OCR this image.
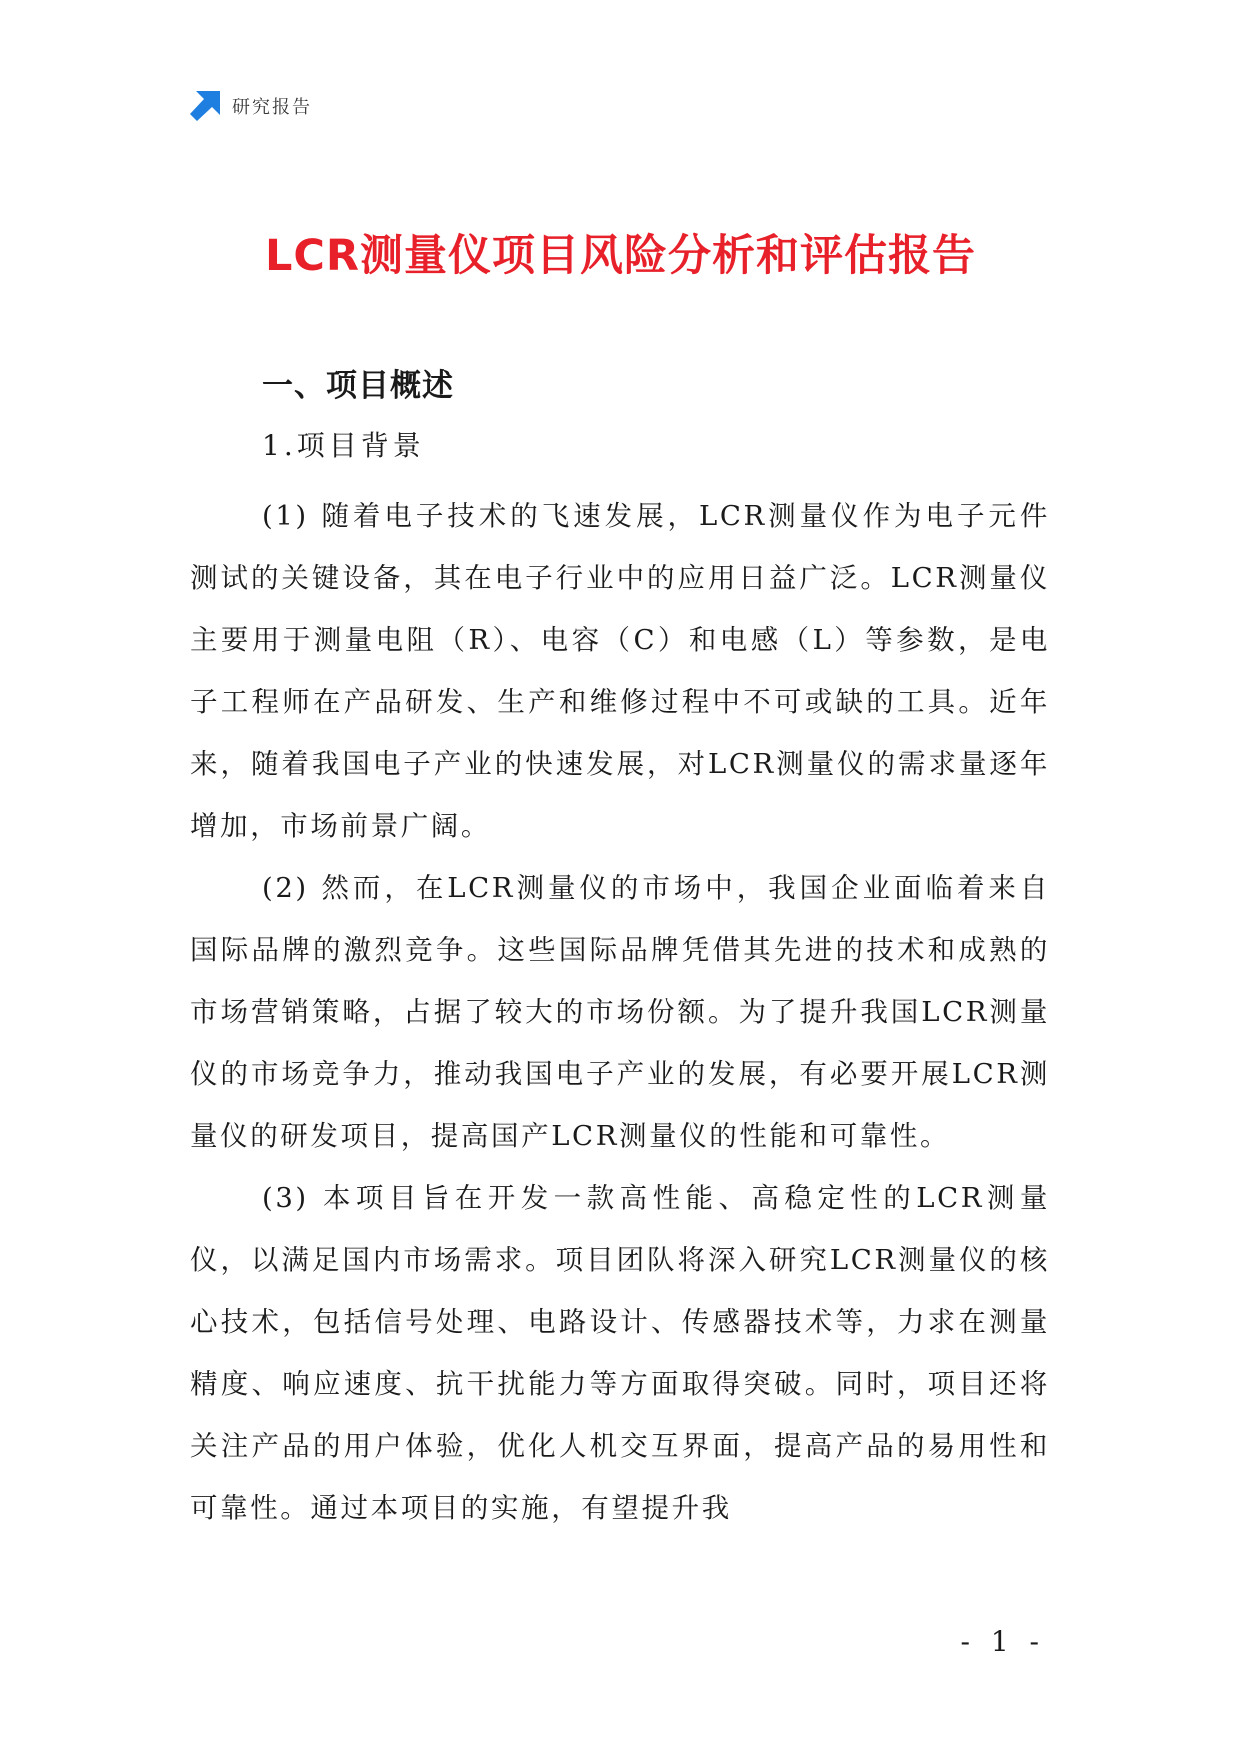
研究报告
LCR测量仪项目风险分析和评估报告
一、项目概述
1.项目背景

(1) 随着电子技术的飞速发展，LCR测量仪作为电子元件测试的关键设备，其在电子行业中的应用日益广泛。LCR测量仪主要用于测量电阻（R）、电容（C）和电感（L）等参数，是电子工程师在产品研发、生产和维修过程中不可或缺的工具。近年来，随着我国电子产业的快速发展，对LCR测量仪的需求量逐年增加，市场前景广阔。

(2) 然而，在LCR测量仪的市场中，我国企业面临着来自国际品牌的激烈竞争。这些国际品牌凭借其先进的技术和成熟的市场营销策略，占据了较大的市场份额。为了提升我国LCR测量仪的市场竞争力，推动我国电子产业的发展，有必要开展LCR测量仪的研发项目，提高国产LCR测量仪的性能和可靠性。

(3) 本项目旨在开发一款高性能、高稳定性的LCR测量仪，以满足国内市场需求。项目团队将深入研究LCR测量仪的核心技术，包括信号处理、电路设计、传感器技术等，力求在测量精度、响应速度、抗干扰能力等方面取得突破。同时，项目还将关注产品的用户体验，优化人机交互界面，提高产品的易用性和可靠性。通过本项目的实施，有望提升我

- 1 -
